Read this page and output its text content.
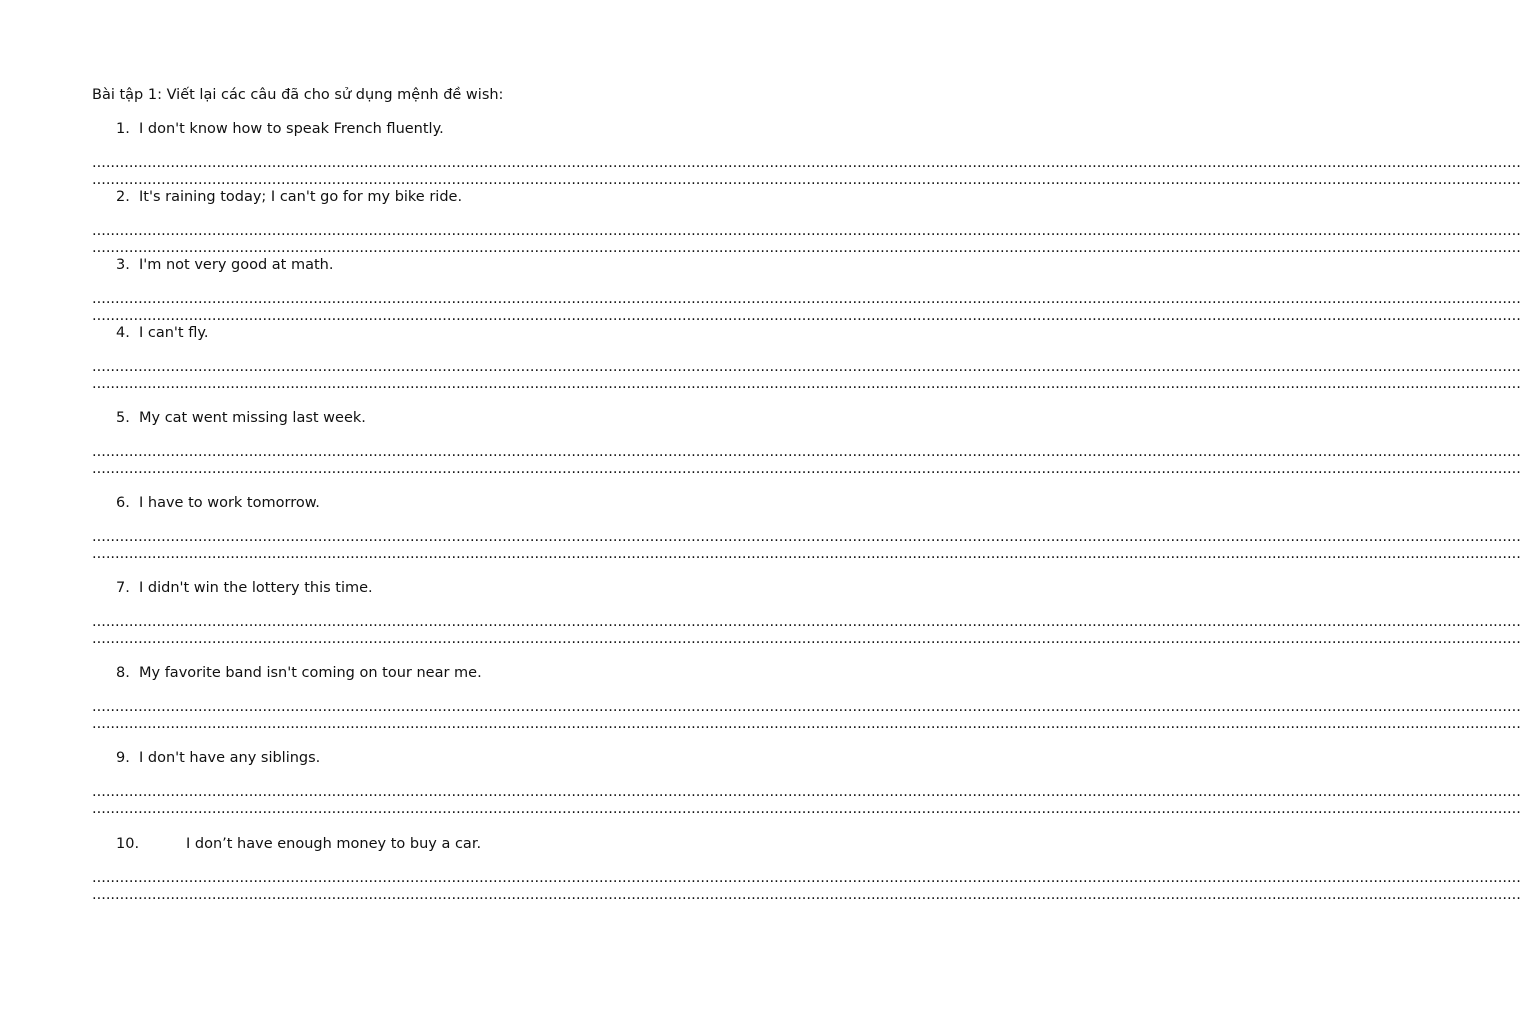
Bài tập 1: Viết lại các câu đã cho sử dụng mệnh đề wish:
1. I don't know how to speak French fluently.
......................................................................................................................................................................................................................................................................................................................
......................................................................................................................................................................................................................................................................................................................
2. It's raining today; I can't go for my bike ride.
......................................................................................................................................................................................................................................................................................................................
......................................................................................................................................................................................................................................................................................................................
3. I'm not very good at math.
......................................................................................................................................................................................................................................................................................................................
......................................................................................................................................................................................................................................................................................................................
4. I can't fly.
......................................................................................................................................................................................................................................................................................................................
......................................................................................................................................................................................................................................................................................................................
5. My cat went missing last week.
......................................................................................................................................................................................................................................................................................................................
......................................................................................................................................................................................................................................................................................................................
6. I have to work tomorrow.
......................................................................................................................................................................................................................................................................................................................
......................................................................................................................................................................................................................................................................................................................
7. I didn't win the lottery this time.
......................................................................................................................................................................................................................................................................................................................
......................................................................................................................................................................................................................................................................................................................
8. My favorite band isn't coming on tour near me.
......................................................................................................................................................................................................................................................................................................................
......................................................................................................................................................................................................................................................................................................................
9. I don't have any siblings.
......................................................................................................................................................................................................................................................................................................................
......................................................................................................................................................................................................................................................................................................................
10.	I don’t have enough money to buy a car.
......................................................................................................................................................................................................................................................................................................................
......................................................................................................................................................................................................................................................................................................................
